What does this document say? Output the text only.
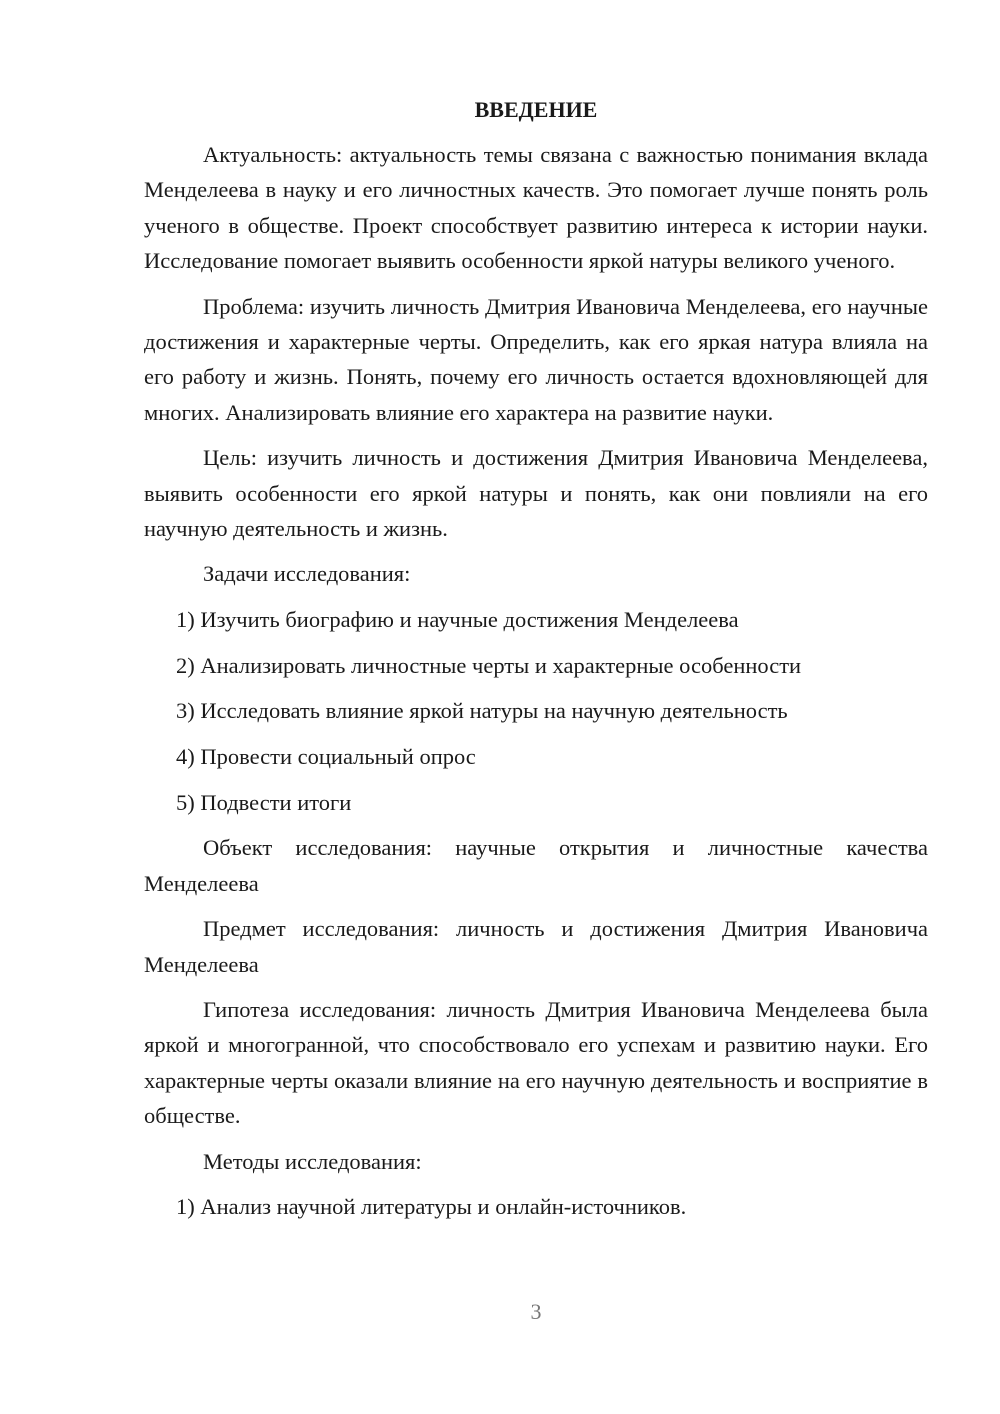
ВВЕДЕНИЕ

Актуальность: актуальность темы связана с важностью понимания вклада Менделеева в науку и его личностных качеств. Это помогает лучше понять роль ученого в обществе. Проект способствует развитию интереса к истории науки. Исследование помогает выявить особенности яркой натуры великого ученого.

Проблема: изучить личность Дмитрия Ивановича Менделеева, его научные достижения и характерные черты. Определить, как его яркая натура влияла на его работу и жизнь. Понять, почему его личность остается вдохновляющей для многих. Анализировать влияние его характера на развитие науки.

Цель: изучить личность и достижения Дмитрия Ивановича Менделеева, выявить особенности его яркой натуры и понять, как они повлияли на его научную деятельность и жизнь.

Задачи исследования:

1) Изучить биографию и научные достижения Менделеева

2) Анализировать личностные черты и характерные особенности

3) Исследовать влияние яркой натуры на научную деятельность

4) Провести социальный опрос

5) Подвести итоги

Объект исследования: научные открытия и личностные качества Менделеева

Предмет исследования: личность и достижения Дмитрия Ивановича Менделеева

Гипотеза исследования: личность Дмитрия Ивановича Менделеева была яркой и многогранной, что способствовало его успехам и развитию науки. Его характерные черты оказали влияние на его научную деятельность и восприятие в обществе.

Методы исследования:

1) Анализ научной литературы и онлайн-источников.

3
